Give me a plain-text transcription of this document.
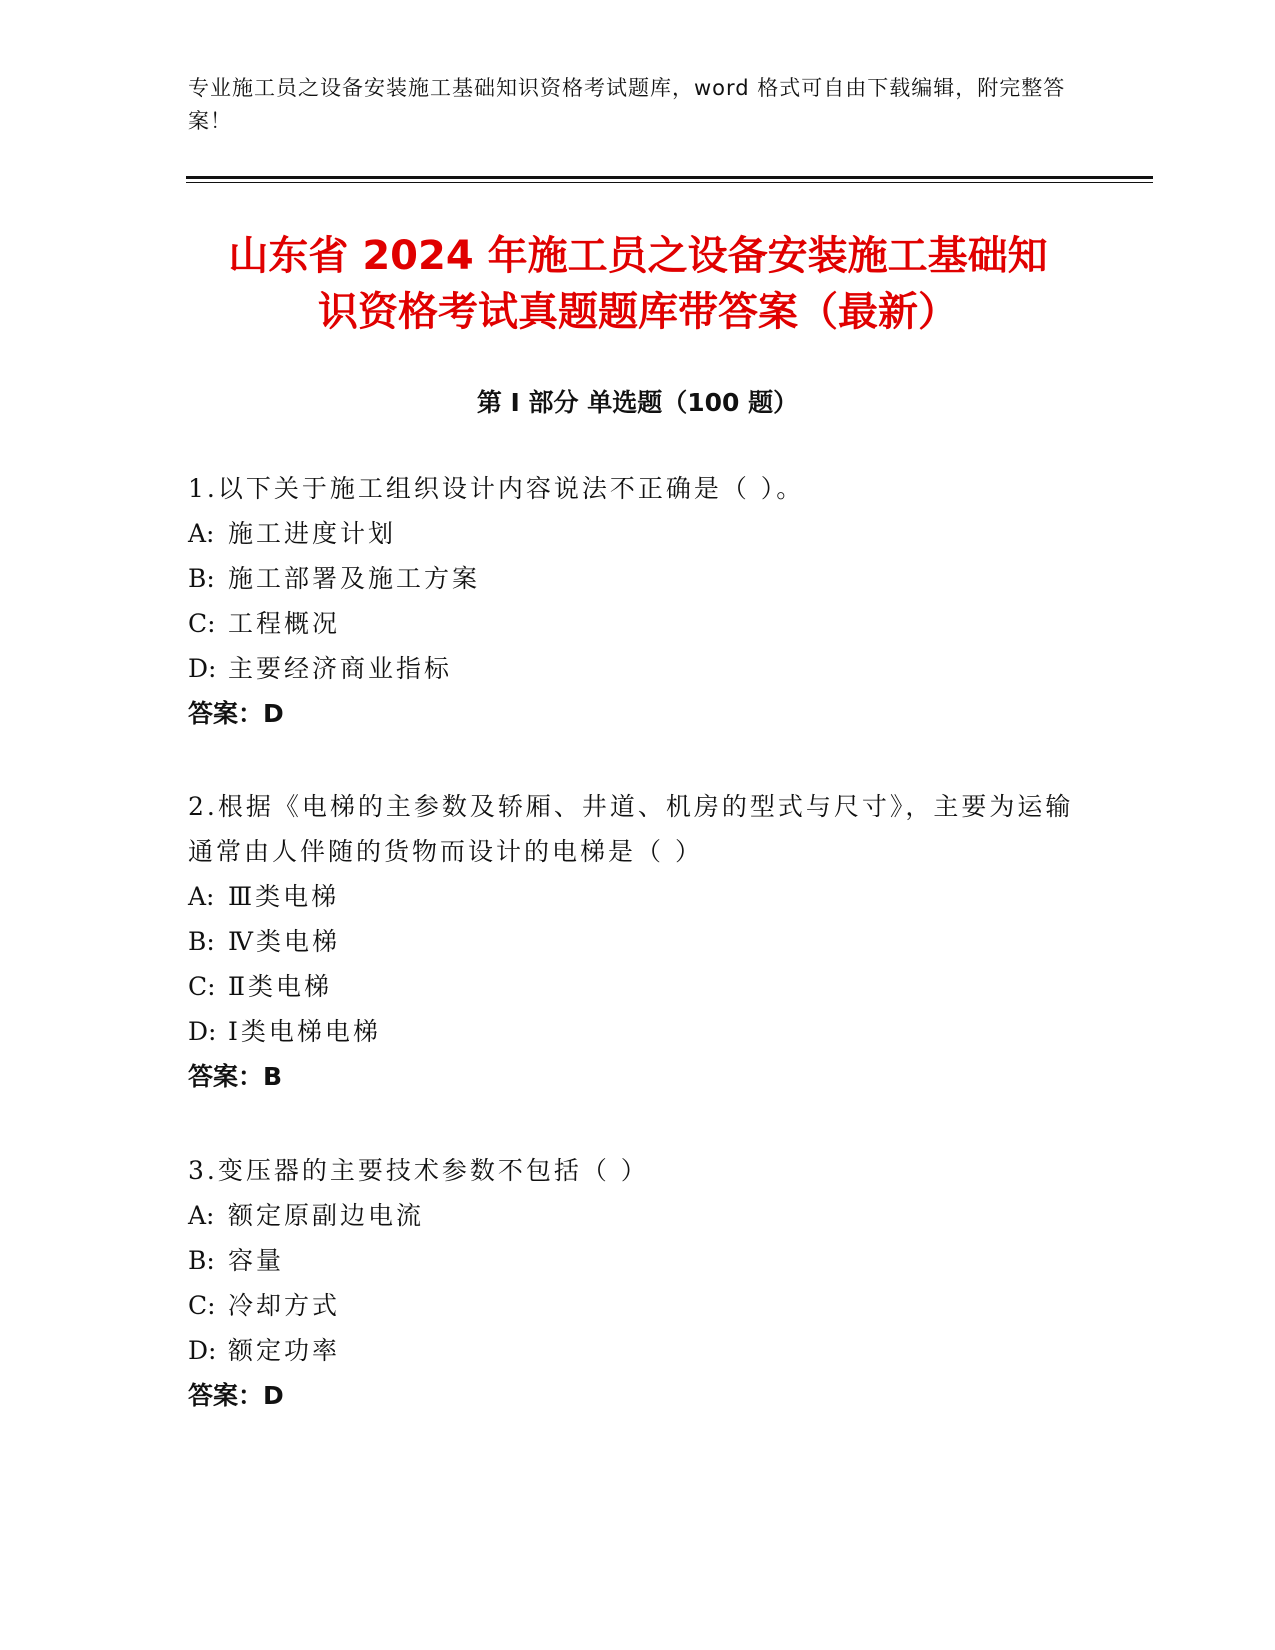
专业施工员之设备安装施工基础知识资格考试题库，word 格式可自由下载编辑，附完整答案！
山东省 2024 年施工员之设备安装施工基础知
识资格考试真题题库带答案（最新）
第 I 部分 单选题（100 题）

1.以下关于施工组织设计内容说法不正确是（ ）。

A: 施工进度计划

B: 施工部署及施工方案

C: 工程概况

D: 主要经济商业指标

答案：D

2.根据《电梯的主参数及轿厢、井道、机房的型式与尺寸》，主要为运输通常由人伴随的货物而设计的电梯是（ ）

A: Ⅲ类电梯

B: Ⅳ类电梯

C: Ⅱ类电梯

D: Ⅰ类电梯电梯

答案：B

3.变压器的主要技术参数不包括（ ）

A: 额定原副边电流

B: 容量

C: 冷却方式

D: 额定功率

答案：D
